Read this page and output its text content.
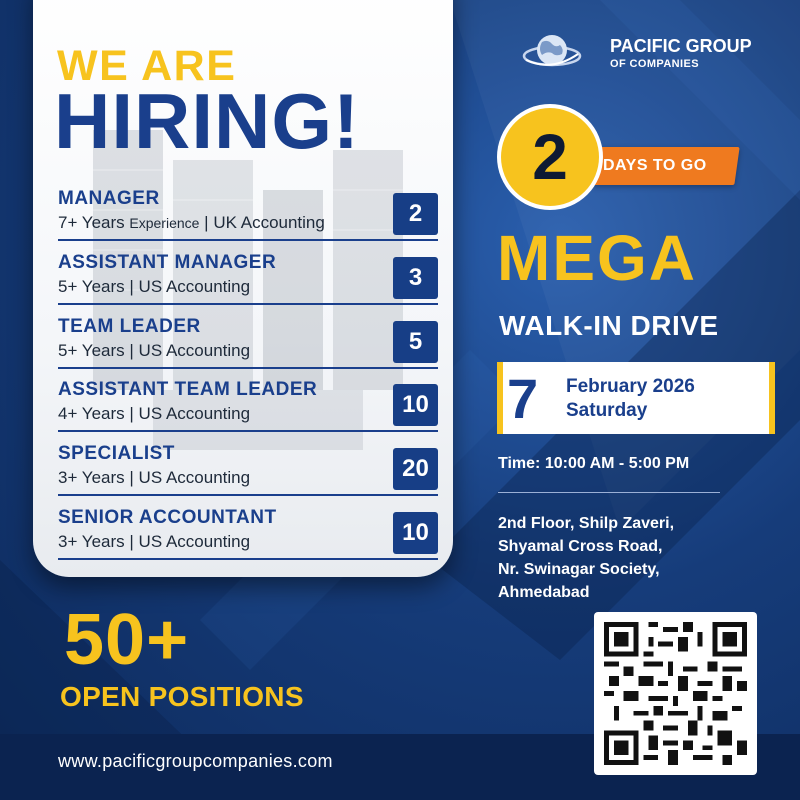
www.pacificgroupcompanies.com
WE ARE
HIRING!
MANAGER
7+ Years Experience | UK Accounting	2
ASSISTANT MANAGER
5+ Years | US Accounting	3
TEAM LEADER
5+ Years | US Accounting	5
ASSISTANT TEAM LEADER
4+ Years | US Accounting	10
SPECIALIST
3+ Years | US Accounting	20
SENIOR ACCOUNTANT
3+ Years | US Accounting	10
50+
OPEN POSITIONS
PACIFIC GROUP
OF COMPANIES
2	DAYS TO GO
MEGA
WALK-IN DRIVE
7 February 2026
Saturday
Time: 10:00 AM - 5:00 PM
2nd Floor, Shilp Zaveri,
Shyamal Cross Road,
Nr. Swinagar Society,
Ahmedabad
